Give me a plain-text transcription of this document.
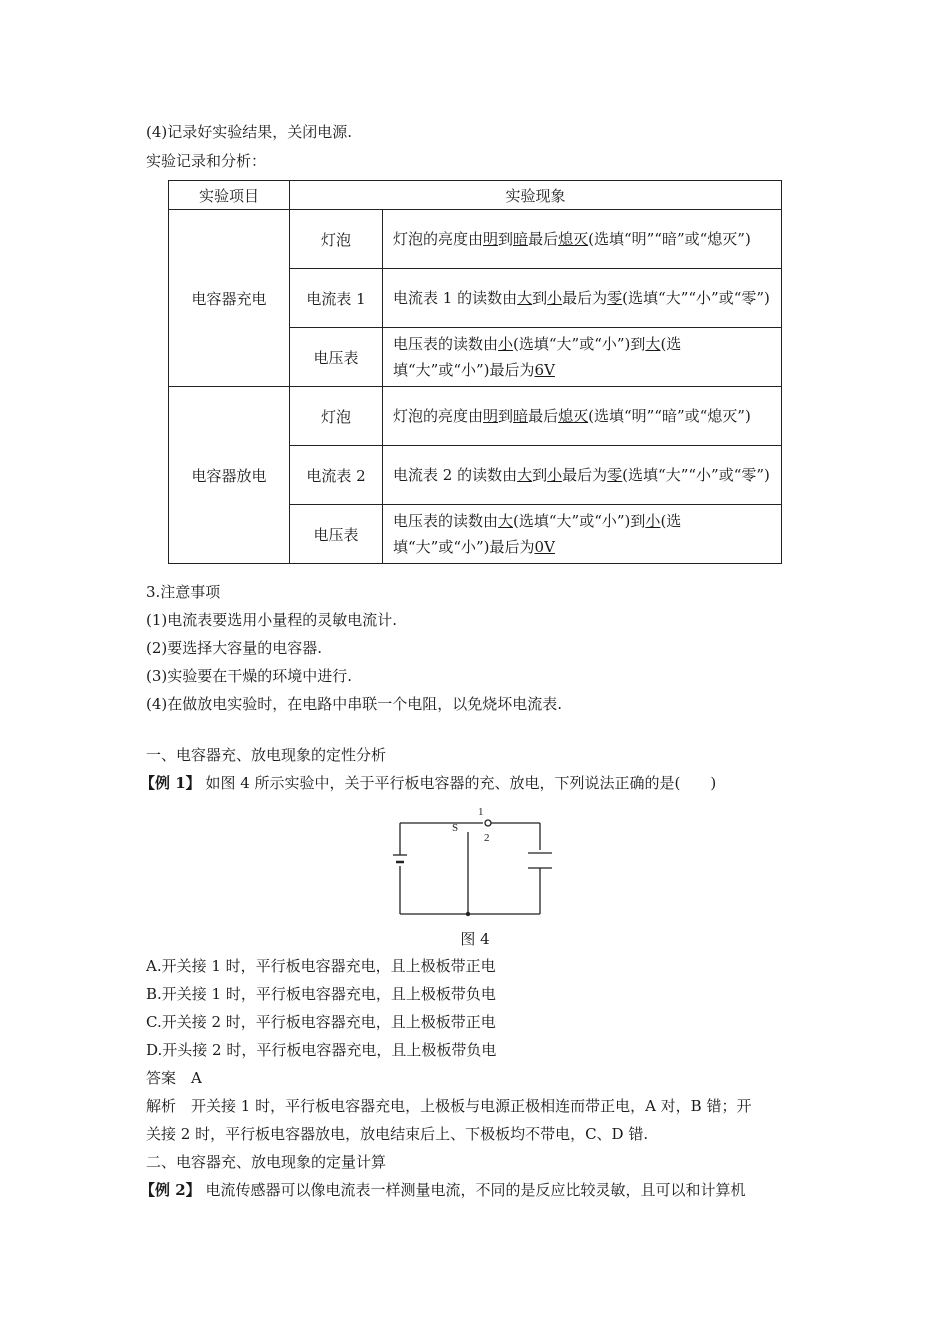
(4)记录好实验结果，关闭电源.
实验记录和分析：
实验项目	实验现象	
电容器充电	灯泡	灯泡的亮度由明到暗最后熄灭(选填“明”“暗”或“熄灭”)
	电流表 1	电流表 1 的读数由大到小最后为零(选填“大”“小”或“零”)
	电压表	电压表的读数由小(选填“大”或“小”)到大(选填“大”或“小”)最后为6V
电容器放电	灯泡	灯泡的亮度由明到暗最后熄灭(选填“明”“暗”或“熄灭”)
	电流表 2	电流表 2 的读数由大到小最后为零(选填“大”“小”或“零”)
	电压表	电压表的读数由大(选填“大”或“小”)到小(选填“大”或“小”)最后为0V
3.注意事项
(1)电流表要选用小量程的灵敏电流计.
(2)要选择大容量的电容器.
(3)实验要在干燥的环境中进行.
(4)在做放电实验时，在电路中串联一个电阻，以免烧坏电流表.
一、电容器充、放电现象的定性分析
【例 1】 如图 4 所示实验中，关于平行板电容器的充、放电，下列说法正确的是(　　)
S
1
2
图 4
A.开关接 1 时，平行板电容器充电，且上极板带正电
B.开关接 1 时，平行板电容器充电，且上极板带负电
C.开关接 2 时，平行板电容器充电，且上极板带正电
D.开头接 2 时，平行板电容器充电，且上极板带负电
答案　A
解析　开关接 1 时，平行板电容器充电，上极板与电源正极相连而带正电，A 对，B 错；开
关接 2 时，平行板电容器放电，放电结束后上、下极板均不带电，C、D 错.
二、电容器充、放电现象的定量计算
【例 2】 电流传感器可以像电流表一样测量电流，不同的是反应比较灵敏，且可以和计算机
